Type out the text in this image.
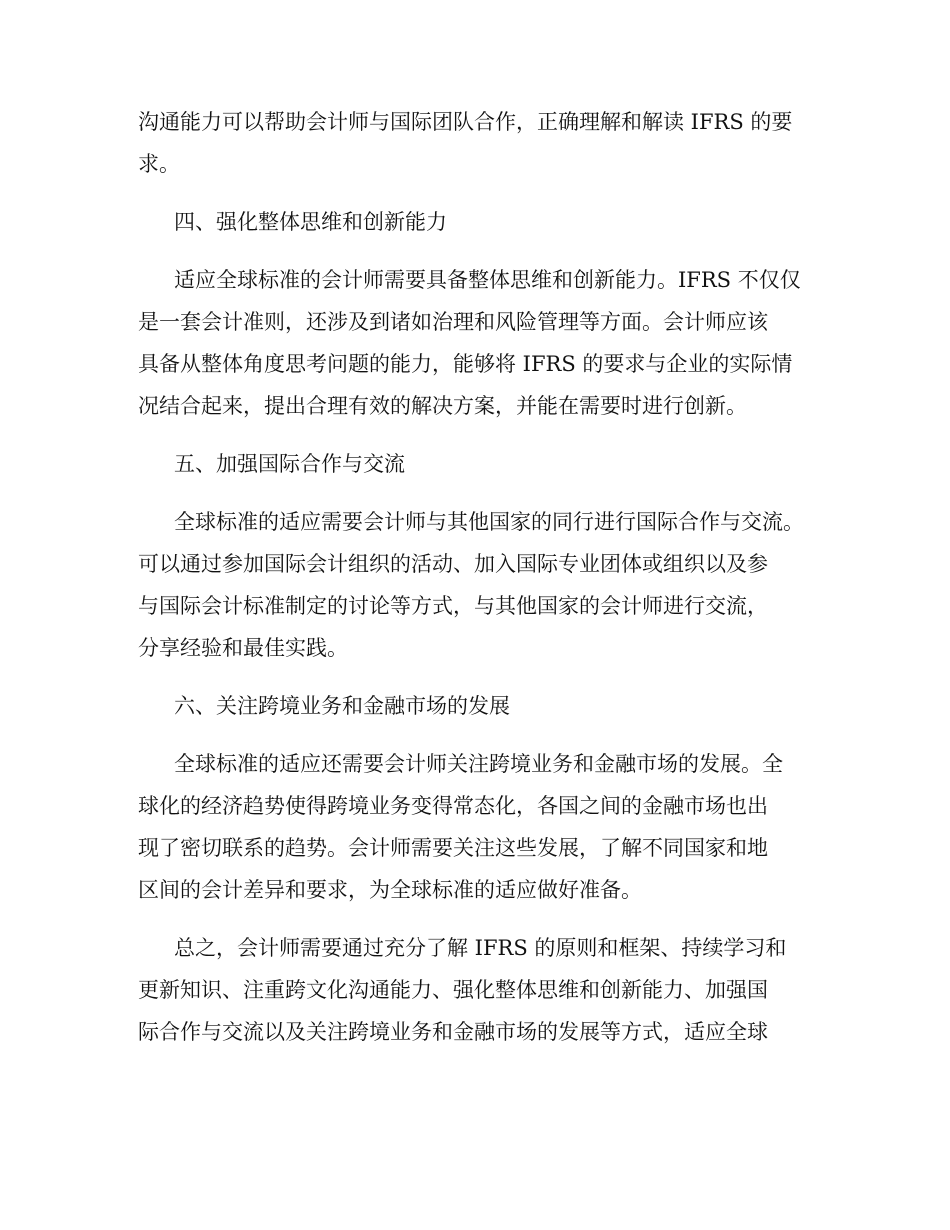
沟通能力可以帮助会计师与国际团队合作，正确理解和解读 IFRS 的要
求。
四、强化整体思维和创新能力
适应全球标准的会计师需要具备整体思维和创新能力。IFRS 不仅仅
是一套会计准则，还涉及到诸如治理和风险管理等方面。会计师应该
具备从整体角度思考问题的能力，能够将 IFRS 的要求与企业的实际情
况结合起来，提出合理有效的解决方案，并能在需要时进行创新。
五、加强国际合作与交流
全球标准的适应需要会计师与其他国家的同行进行国际合作与交流。
可以通过参加国际会计组织的活动、加入国际专业团体或组织以及参
与国际会计标准制定的讨论等方式，与其他国家的会计师进行交流，
分享经验和最佳实践。
六、关注跨境业务和金融市场的发展
全球标准的适应还需要会计师关注跨境业务和金融市场的发展。全
球化的经济趋势使得跨境业务变得常态化，各国之间的金融市场也出
现了密切联系的趋势。会计师需要关注这些发展，了解不同国家和地
区间的会计差异和要求，为全球标准的适应做好准备。
总之，会计师需要通过充分了解 IFRS 的原则和框架、持续学习和
更新知识、注重跨文化沟通能力、强化整体思维和创新能力、加强国
际合作与交流以及关注跨境业务和金融市场的发展等方式，适应全球
